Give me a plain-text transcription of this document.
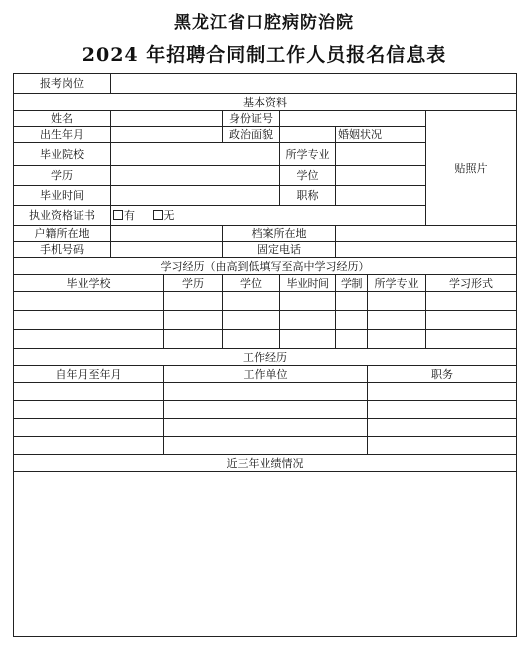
黑龙江省口腔病防治院
2024 年招聘合同制工作人员报名信息表
报考岗位							
基本资料							
姓名			身份证号				贴照片
出生年月			政治面貌		婚姻状况		
毕业院校				所学专业			
学历				学位			
毕业时间				职称			
执业资格证书	有 无						
户籍所在地			档案所在地				
手机号码			固定电话				
学习经历（由高到低填写至高中学习经历）							
毕业学校		学历	学位	毕业时间	学制	所学专业	学习形式

工作经历							
自年月至年月		工作单位				职务	

近三年业绩情况							
